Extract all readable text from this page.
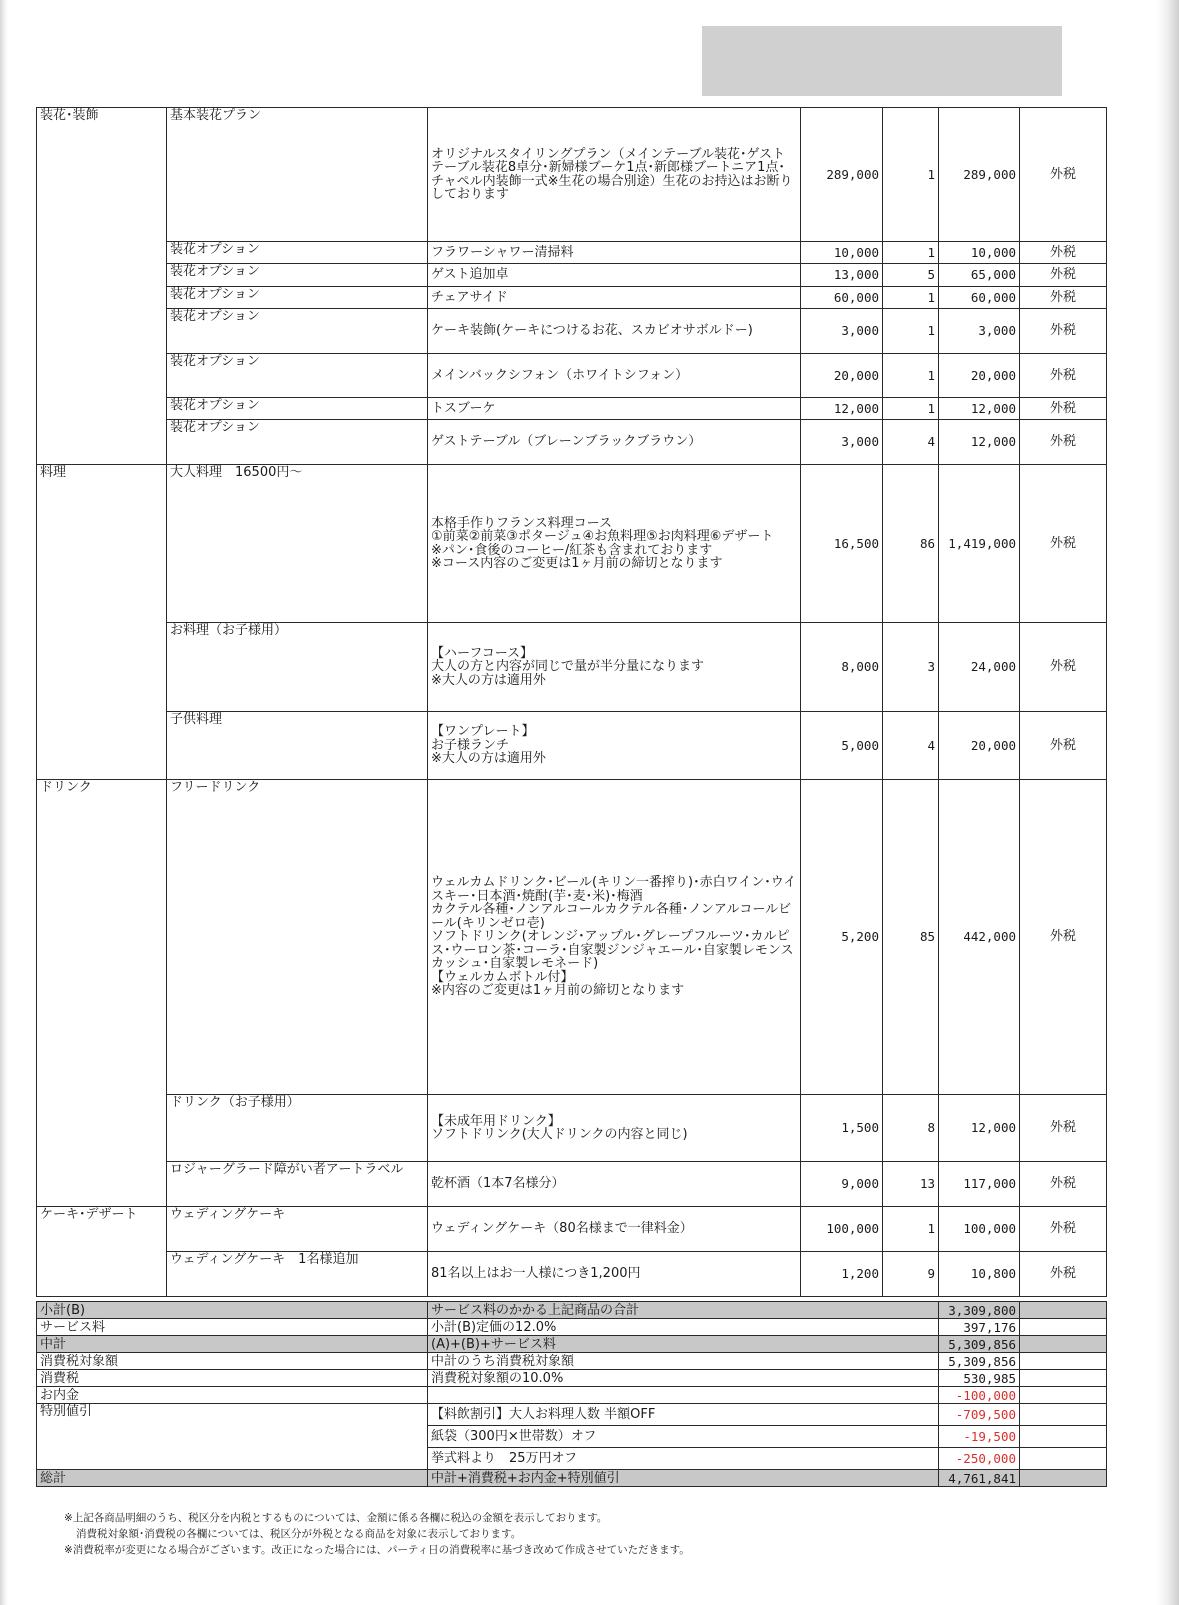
装花･装飾	基本装花プラン	オリジナルスタイリングプラン（メインテーブル装花･ゲストテーブル装花8卓分･新婦様ブーケ1点･新郎様ブートニア1点･チャペル内装飾一式※生花の場合別途）生花のお持込はお断りしております	289,000	1	289,000	外税
	装花オプション	フラワーシャワー清掃料	10,000	1	10,000	外税
	装花オプション	ゲスト追加卓	13,000	5	65,000	外税
	装花オプション	チェアサイド	60,000	1	60,000	外税
	装花オプション	ケーキ装飾(ケーキにつけるお花、スカビオサボルドー)	3,000	1	3,000	外税
	装花オプション	メインバックシフォン（ホワイトシフォン）	20,000	1	20,000	外税
	装花オプション	トスブーケ	12,000	1	12,000	外税
	装花オプション	ゲストテーブル（ブレーンブラックブラウン）	3,000	4	12,000	外税
料理	大人料理　16500円～	本格手作りフランス料理コース
①前菜②前菜③ポタージュ④お魚料理⑤お肉料理⑥デザート
※パン･食後のコーヒー/紅茶も含まれております
※コース内容のご変更は1ヶ月前の締切となります	16,500	86	1,419,000	外税
	お料理（お子様用）	【ハーフコース】
大人の方と内容が同じで量が半分量になります
※大人の方は適用外	8,000	3	24,000	外税
	子供料理	【ワンプレート】
お子様ランチ
※大人の方は適用外	5,000	4	20,000	外税
ドリンク	フリードリンク	ウェルカムドリンク･ビール(キリン一番搾り)･赤白ワイン･ウイスキー･日本酒･焼酎(芋･麦･米)･梅酒
カクテル各種･ノンアルコールカクテル各種･ノンアルコールビール(キリンゼロ壱)
ソフトドリンク(オレンジ･アップル･グレープフルーツ･カルピス･ウーロン茶･コーラ･自家製ジンジャエール･自家製レモンスカッシュ･自家製レモネード)
【ウェルカムボトル付】
※内容のご変更は1ヶ月前の締切となります	5,200	85	442,000	外税
	ドリンク（お子様用）	【未成年用ドリンク】
ソフトドリンク(大人ドリンクの内容と同じ)	1,500	8	12,000	外税
	ロジャーグラード障がい者アートラベル	乾杯酒（1本7名様分）	9,000	13	117,000	外税
ケーキ･デザート	ウェディングケーキ	ウェディングケーキ（80名様まで一律料金）	100,000	1	100,000	外税
	ウェディングケーキ　1名様追加	81名以上はお一人様につき1,200円	1,200	9	10,800	外税
小計(B)	サービス料のかかる上記商品の合計	3,309,800	
サービス料	小計(B)定価の12.0%	397,176	
中計	(A)+(B)+サービス料	5,309,856	
消費税対象額	中計のうち消費税対象額	5,309,856	
消費税	消費税対象額の10.0%	530,985	
お内金		-100,000	
特別値引	【料飲割引】大人お料理人数 半額OFF	-709,500	
	紙袋（300円×世帯数）オフ	-19,500	
	挙式料より　25万円オフ	-250,000	
総計	中計+消費税+お内金+特別値引	4,761,841	
※上記各商品明細のうち、税区分を内税とするものについては、金額に係る各欄に税込の金額を表示しております。
消費税対象額･消費税の各欄については、税区分が外税となる商品を対象に表示しております。
※消費税率が変更になる場合がございます。改正になった場合には、パーティ日の消費税率に基づき改めて作成させていただきます。
